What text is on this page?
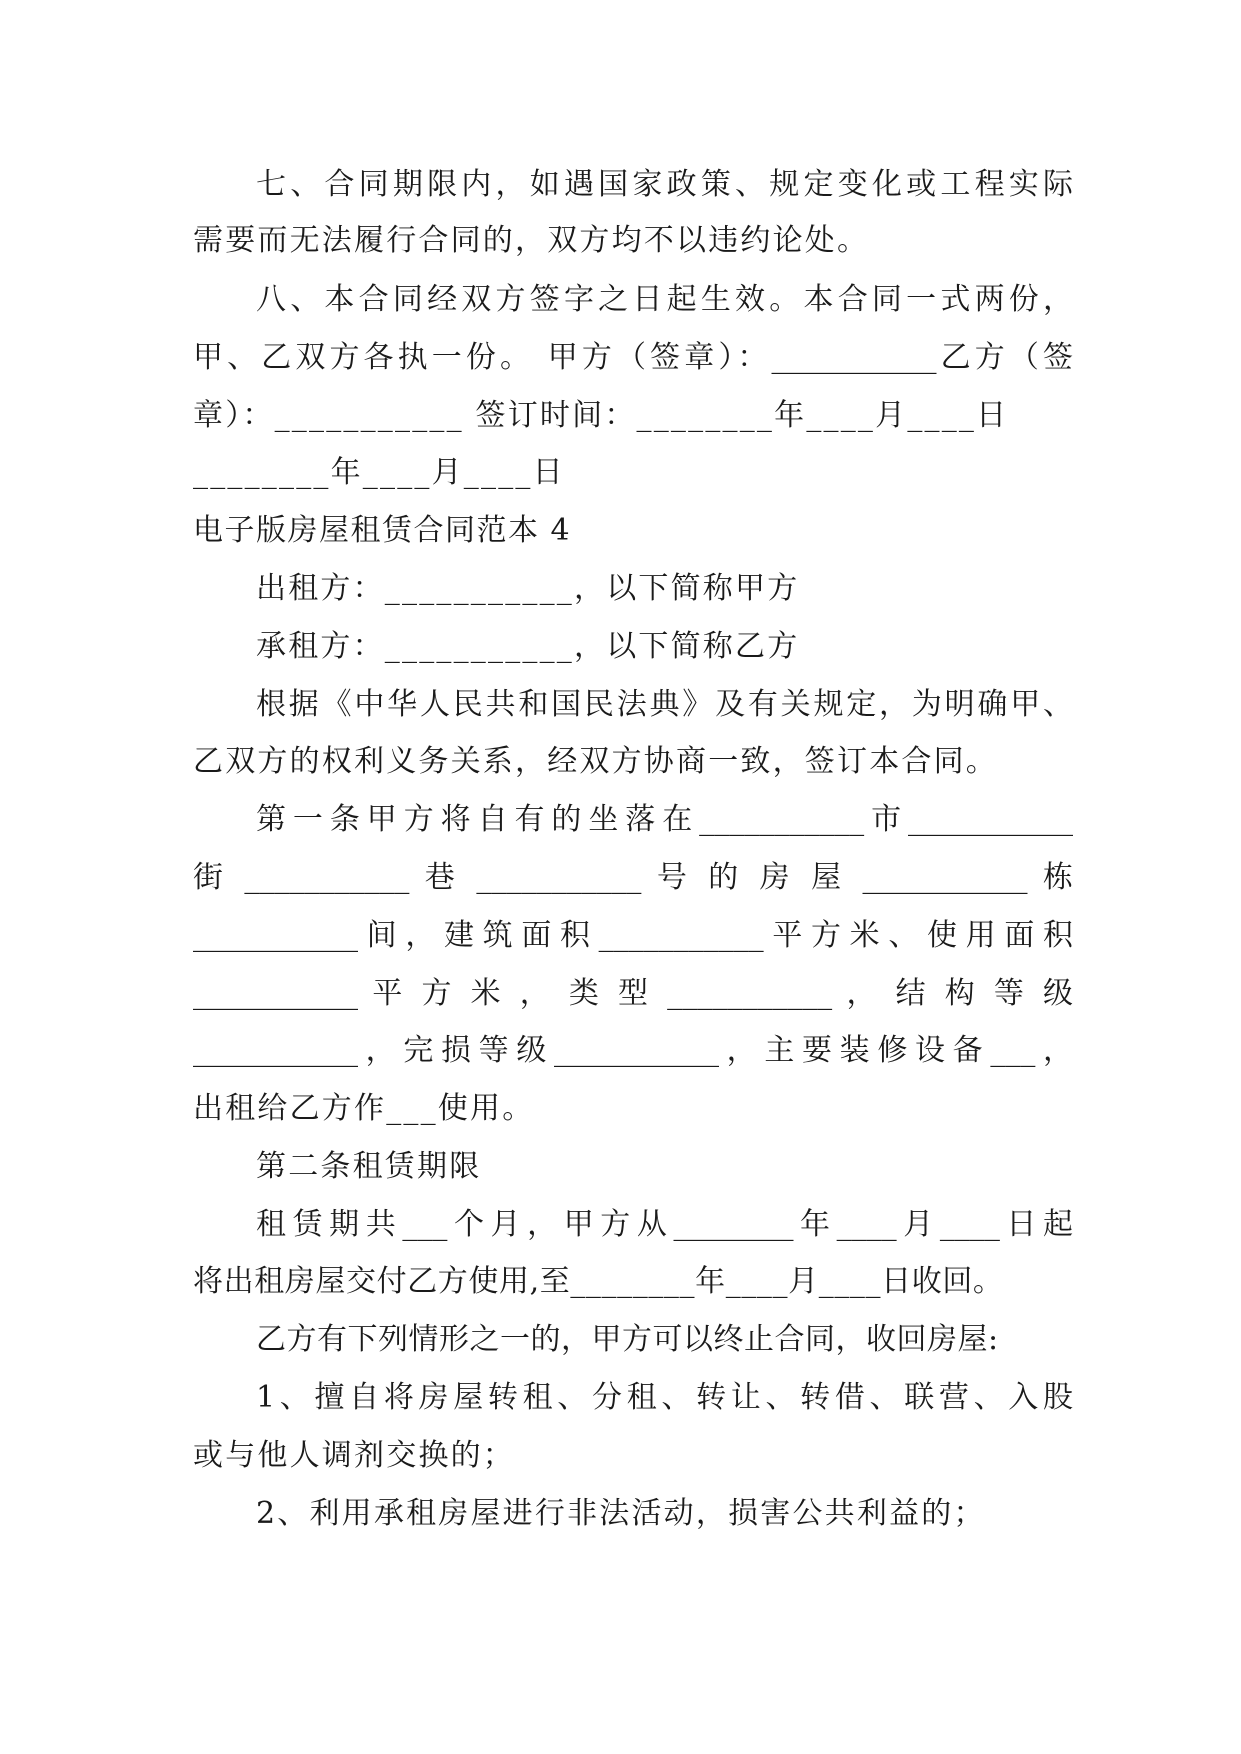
七、合同期限内，如遇国家政策、规定变化或工程实际
需要而无法履行合同的，双方均不以违约论处。
八、本合同经双方签字之日起生效。本合同一式两份，
甲、乙双方各执一份。 甲方（签章）：___________乙方（签
章）：___________ 签订时间：________年____月____日
________年____月____日
电子版房屋租赁合同范本 4
出租方：___________，以下简称甲方
承租方：___________，以下简称乙方
根据《中华人民共和国民法典》及有关规定，为明确甲、
乙双方的权利义务关系，经双方协商一致，签订本合同。
第一条甲方将自有的坐落在___________市___________
街 ___________ 巷 ___________ 号 的 房 屋 ___________ 栋
___________间，建筑面积___________平方米、使用面积
___________ 平 方 米 ， 类 型 ___________ ， 结 构 等 级
___________，完损等级___________，主要装修设备___，
出租给乙方作___使用。
第二条租赁期限
租赁期共___个月，甲方从________年____月____日起
将出租房屋交付乙方使用,至________年____月____日收回。
乙方有下列情形之一的，甲方可以终止合同，收回房屋:
1、擅自将房屋转租、分租、转让、转借、联营、入股
或与他人调剂交换的；
2、利用承租房屋进行非法活动，损害公共利益的；
